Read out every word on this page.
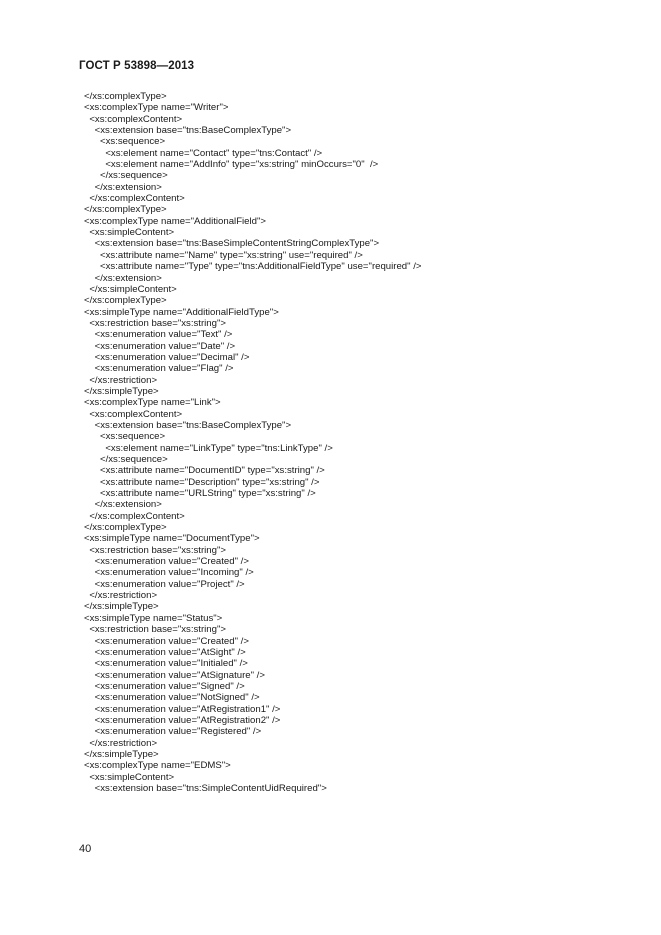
ГОСТ Р 53898—2013
</xs:complexType>
<xs:complexType name="Writer">
<xs:complexContent>
<xs:extension base="tns:BaseComplexType">
<xs:sequence>
<xs:element name="Contact" type="tns:Contact" />
<xs:element name="AddInfo" type="xs:string" minOccurs="0"  />
</xs:sequence>
</xs:extension>
</xs:complexContent>
</xs:complexType>
<xs:complexType name="AdditionalField">
<xs:simpleContent>
<xs:extension base="tns:BaseSimpleContentStringComplexType">
<xs:attribute name="Name" type="xs:string" use="required" />
<xs:attribute name="Type" type="tns:AdditionalFieldType" use="required" />
</xs:extension>
</xs:simpleContent>
</xs:complexType>
<xs:simpleType name="AdditionalFieldType">
<xs:restriction base="xs:string">
<xs:enumeration value="Text" />
<xs:enumeration value="Date" />
<xs:enumeration value="Decimal" />
<xs:enumeration value="Flag" />
</xs:restriction>
</xs:simpleType>
<xs:complexType name="Link">
<xs:complexContent>
<xs:extension base="tns:BaseComplexType">
<xs:sequence>
<xs:element name="LinkType" type="tns:LinkType" />
</xs:sequence>
<xs:attribute name="DocumentID" type="xs:string" />
<xs:attribute name="Description" type="xs:string" />
<xs:attribute name="URLString" type="xs:string" />
</xs:extension>
</xs:complexContent>
</xs:complexType>
<xs:simpleType name="DocumentType">
<xs:restriction base="xs:string">
<xs:enumeration value="Created" />
<xs:enumeration value="Incoming" />
<xs:enumeration value="Project" />
</xs:restriction>
</xs:simpleType>
<xs:simpleType name="Status">
<xs:restriction base="xs:string">
<xs:enumeration value="Created" />
<xs:enumeration value="AtSight" />
<xs:enumeration value="Initialed" />
<xs:enumeration value="AtSignature" />
<xs:enumeration value="Signed" />
<xs:enumeration value="NotSigned" />
<xs:enumeration value="AtRegistration1" />
<xs:enumeration value="AtRegistration2" />
<xs:enumeration value="Registered" />
</xs:restriction>
</xs:simpleType>
<xs:complexType name="EDMS">
<xs:simpleContent>
<xs:extension base="tns:SimpleContentUidRequired">
40
